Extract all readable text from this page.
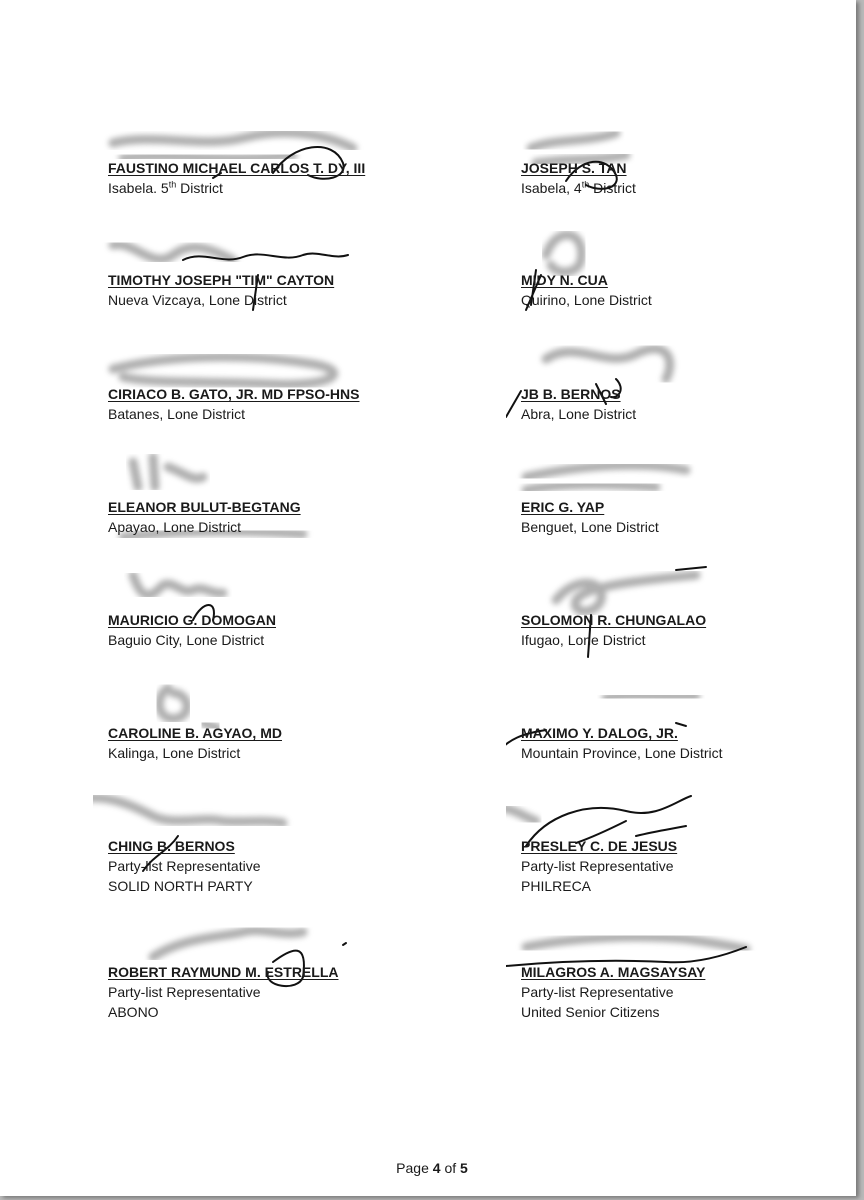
FAUSTINO MICHAEL CARLOS T. DY, III
Isabela. 5th District
JOSEPH S. TAN
Isabela, 4th District
TIMOTHY JOSEPH "TIM" CAYTON
Nueva Vizcaya, Lone District
MIDY N. CUA
Quirino, Lone District
CIRIACO B. GATO, JR. MD FPSO-HNS
Batanes, Lone District
JB B. BERNOS
Abra, Lone District
ELEANOR BULUT-BEGTANG
Apayao, Lone District
ERIC G. YAP
Benguet, Lone District
MAURICIO G. DOMOGAN
Baguio City, Lone District
SOLOMON R. CHUNGALAO
Ifugao, Lone District
CAROLINE B. AGYAO, MD
Kalinga, Lone District
MAXIMO Y. DALOG, JR.
Mountain Province, Lone District
CHING B. BERNOS
Party-list Representative
SOLID NORTH PARTY
PRESLEY C. DE JESUS
Party-list Representative
PHILRECA
ROBERT RAYMUND M. ESTRELLA
Party-list Representative
ABONO
MILAGROS A. MAGSAYSAY
Party-list Representative
United Senior Citizens
Page 4 of 5
